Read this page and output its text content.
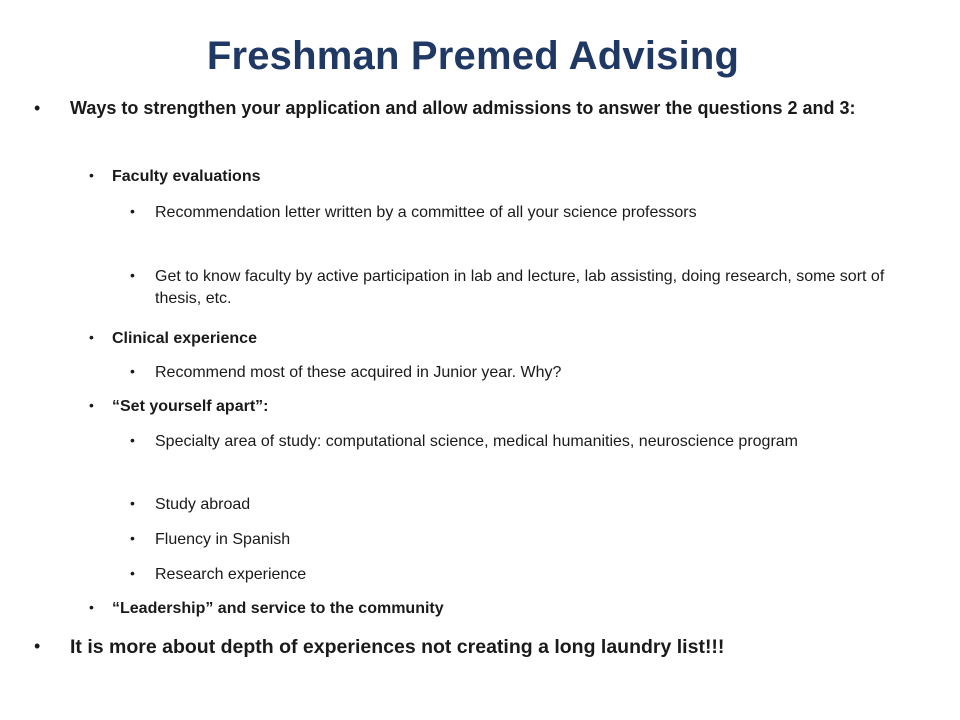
Freshman Premed Advising

• Ways to strengthen your application and allow admissions to answer the questions 2 and 3:

• Faculty evaluations

• Recommendation letter written by a committee of all your science professors

• Get to know faculty by active participation in lab and lecture, lab assisting, doing research, some sort of thesis, etc.

• Clinical experience

• Recommend most of these acquired in Junior year. Why?

• “Set yourself apart”:

• Specialty area of study: computational science, medical humanities, neuroscience program

• Study abroad

• Fluency in Spanish

• Research experience

• “Leadership” and service to the community

• It is more about depth of experiences not creating a long laundry list!!!
